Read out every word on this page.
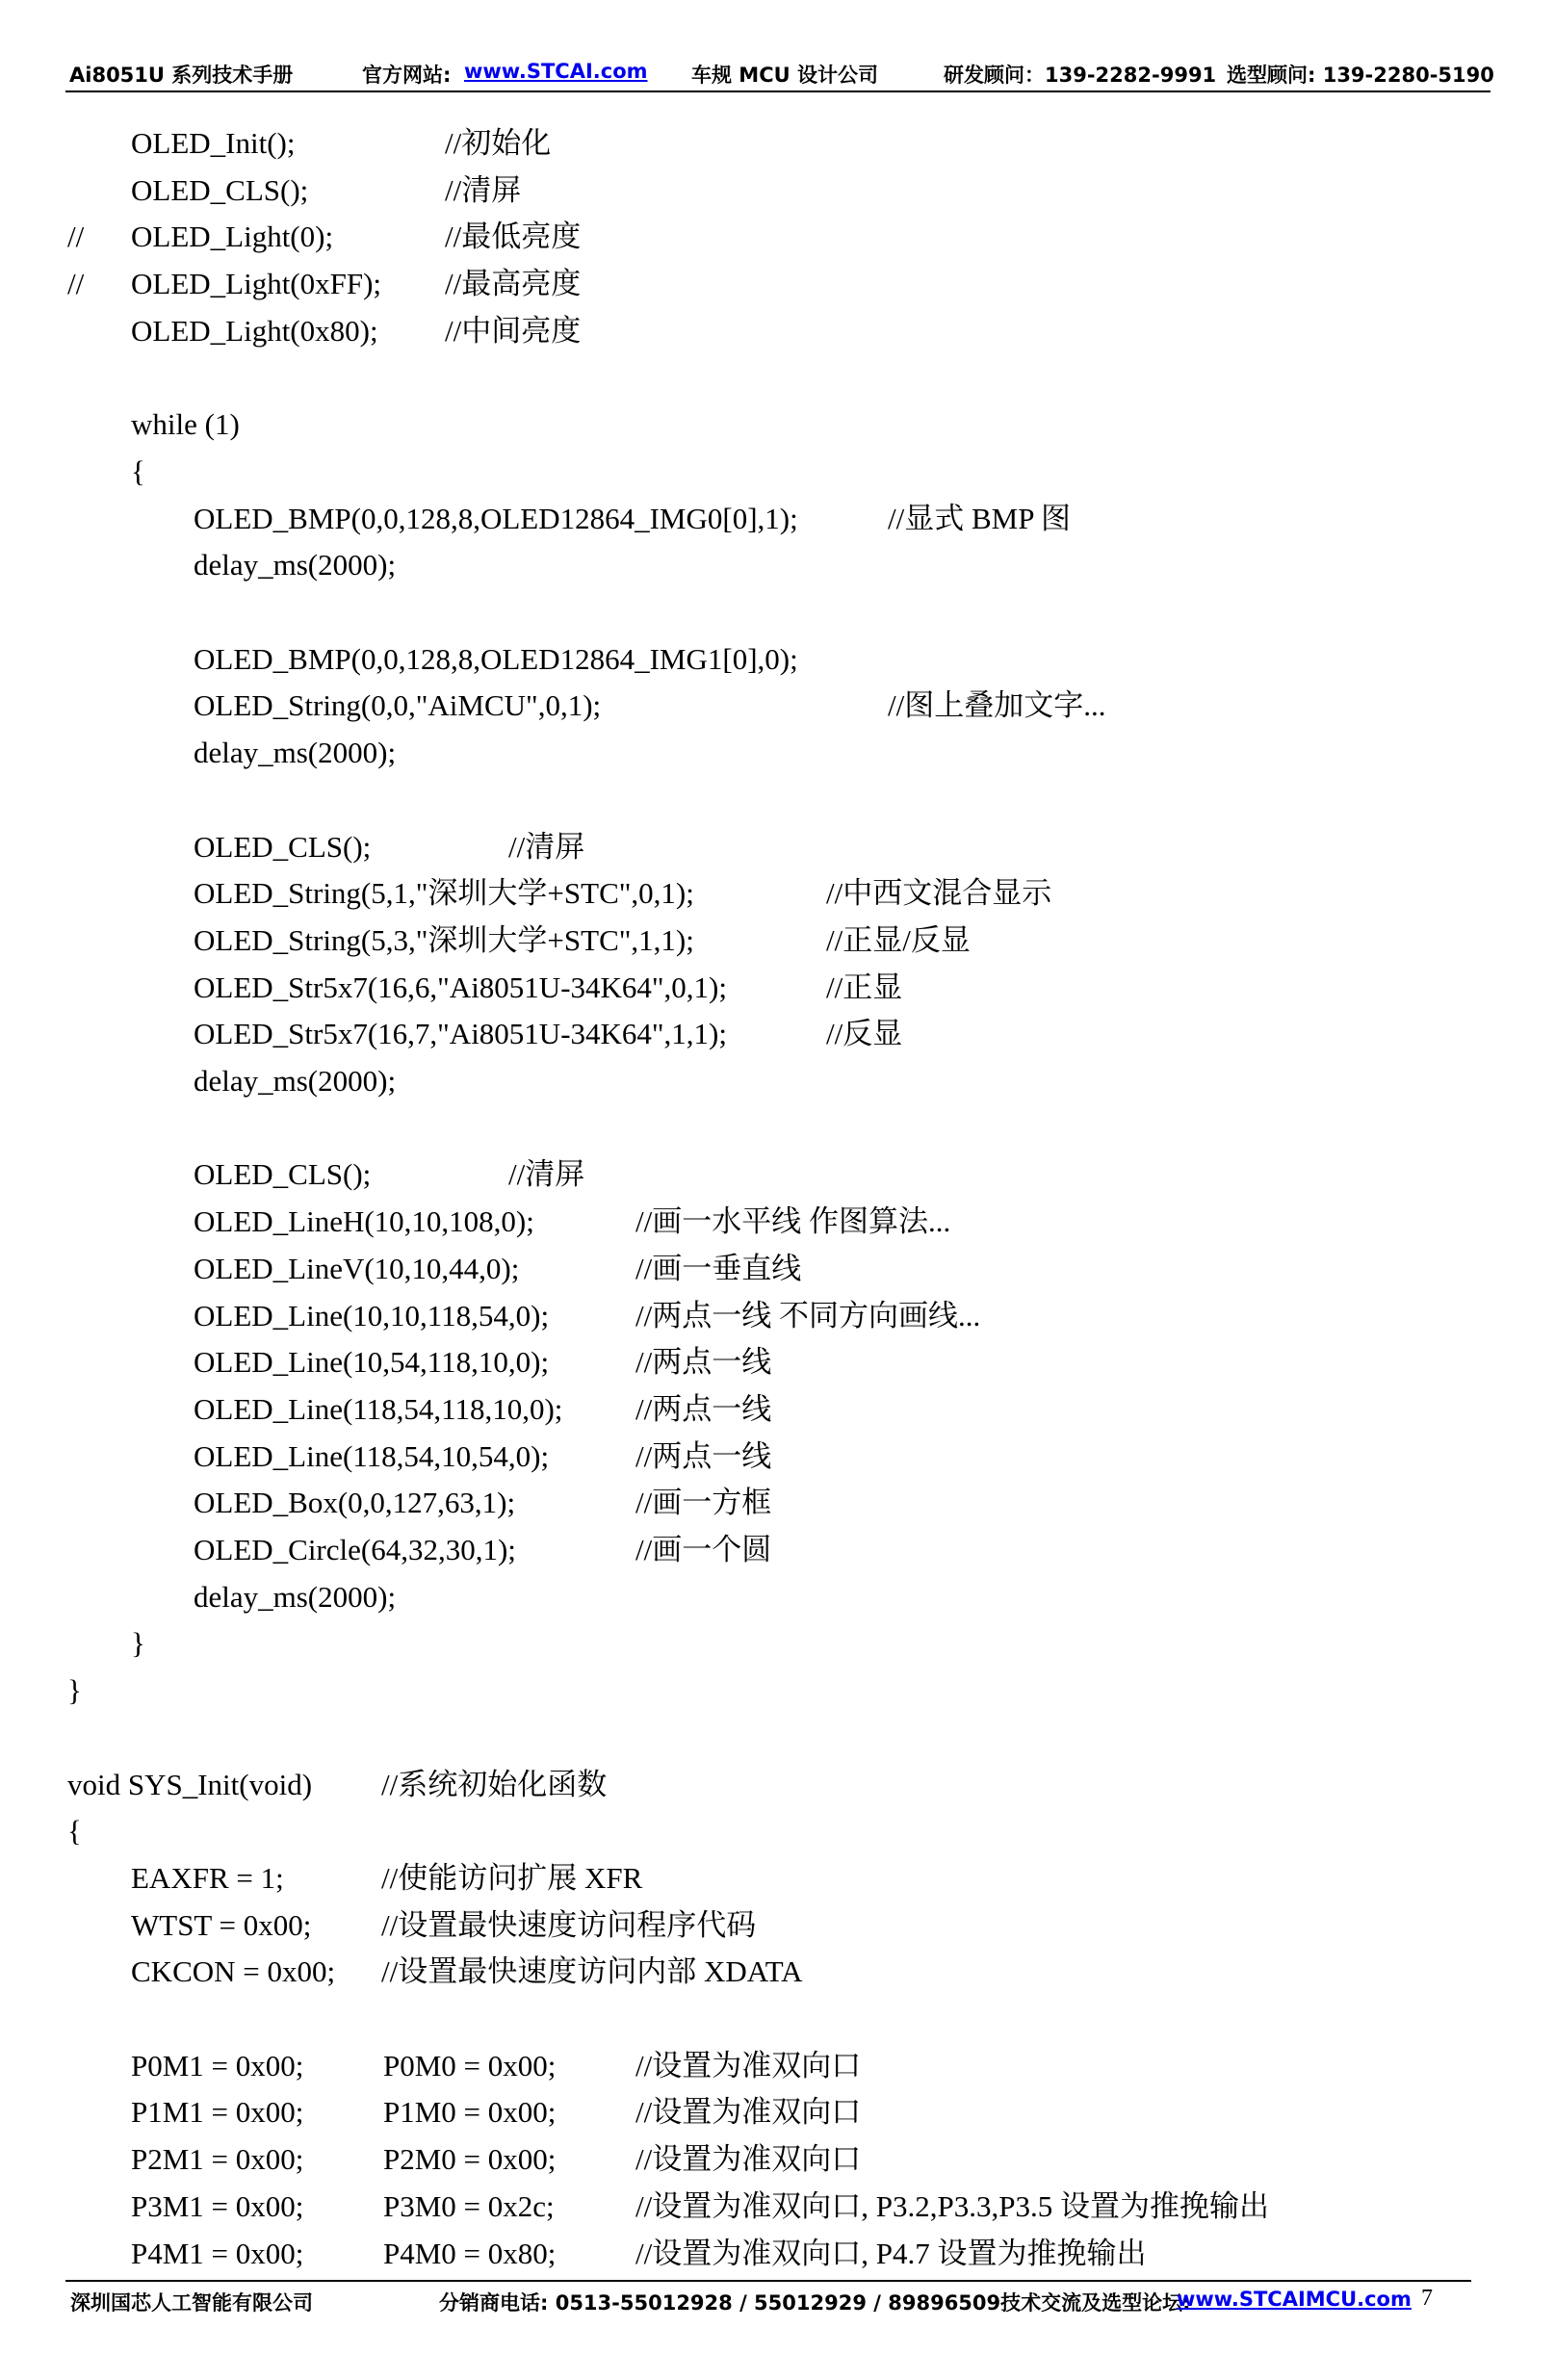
Ai8051U 系列技术手册	官方网站: www.STCAI.com 车规 MCU 设计公司	研发顾问：139-2282-9991 选型顾问: 139-2280-5190
OLED_Init();	//初始化
OLED_CLS();	//清屏
// OLED_Light(0);	//最低亮度
// OLED_Light(0xFF); //最高亮度
OLED_Light(0x80); //中间亮度
while (1)
{
OLED_BMP(0,0,128,8,OLED12864_IMG0[0],1);	//显式 BMP 图
delay_ms(2000);
OLED_BMP(0,0,128,8,OLED12864_IMG1[0],0);
OLED_String(0,0,"AiMCU",0,1);	//图上叠加文字...
delay_ms(2000);
OLED_CLS();	//清屏
OLED_String(5,1,"深圳大学+STC",0,1);	//中西文混合显示
OLED_String(5,3,"深圳大学+STC",1,1);	//正显/反显
OLED_Str5x7(16,6,"Ai8051U-34K64",0,1);	//正显
OLED_Str5x7(16,7,"Ai8051U-34K64",1,1);	//反显
delay_ms(2000);
OLED_CLS();	//清屏
OLED_LineH(10,10,108,0);	//画一水平线 作图算法...
OLED_LineV(10,10,44,0);	//画一垂直线
OLED_Line(10,10,118,54,0);	//两点一线 不同方向画线...
OLED_Line(10,54,118,10,0);	//两点一线
OLED_Line(118,54,118,10,0); //两点一线
OLED_Line(118,54,10,54,0);	//两点一线
OLED_Box(0,0,127,63,1);	//画一方框
OLED_Circle(64,32,30,1);	//画一个圆
delay_ms(2000);
}
}
void SYS_Init(void) //系统初始化函数
{
EAXFR = 1;	//使能访问扩展 XFR
WTST = 0x00; //设置最快速度访问程序代码
CKCON = 0x00; //设置最快速度访问内部 XDATA
P0M1 = 0x00;	P0M0 = 0x00;	//设置为准双向口
P1M1 = 0x00;	P1M0 = 0x00;	//设置为准双向口
P2M1 = 0x00;	P2M0 = 0x00;	//设置为准双向口
P3M1 = 0x00;	P3M0 = 0x2c;	//设置为准双向口, P3.2,P3.3,P3.5 设置为推挽输出
P4M1 = 0x00;	P4M0 = 0x80;	//设置为准双向口, P4.7 设置为推挽输出
深圳国芯人工智能有限公司	分销商电话: 0513-55012928 / 55012929 / 89896509技术交流及选型论坛:
www.STCAIMCU.com 7
